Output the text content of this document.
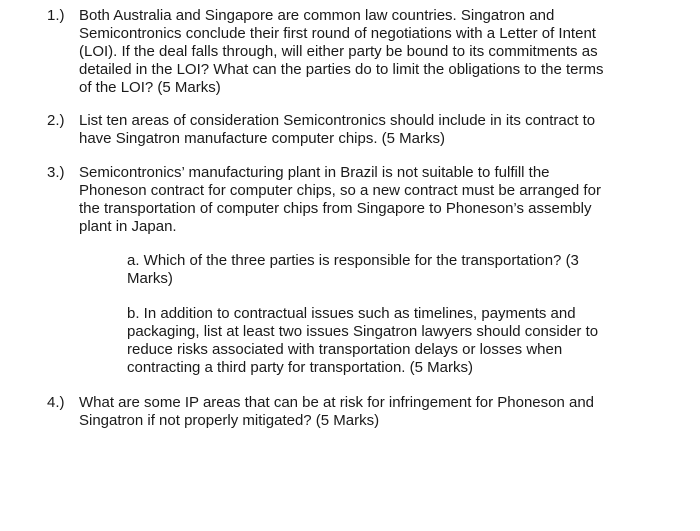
1.) Both Australia and Singapore are common law countries. Singatron and
Semicontronics conclude their first round of negotiations with a Letter of Intent
(LOI). If the deal falls through, will either party be bound to its commitments as
detailed in the LOI? What can the parties do to limit the obligations to the terms
of the LOI? (5 Marks)
2.) List ten areas of consideration Semicontronics should include in its contract to
have Singatron manufacture computer chips. (5 Marks)
3.) Semicontronics’ manufacturing plant in Brazil is not suitable to fulfill the
Phoneson contract for computer chips, so a new contract must be arranged for
the transportation of computer chips from Singapore to Phoneson’s assembly
plant in Japan.
a. Which of the three parties is responsible for the transportation? (3
Marks)
b. In addition to contractual issues such as timelines, payments and
packaging, list at least two issues Singatron lawyers should consider to
reduce risks associated with transportation delays or losses when
contracting a third party for transportation. (5 Marks)
4.) What are some IP areas that can be at risk for infringement for Phoneson and
Singatron if not properly mitigated? (5 Marks)
